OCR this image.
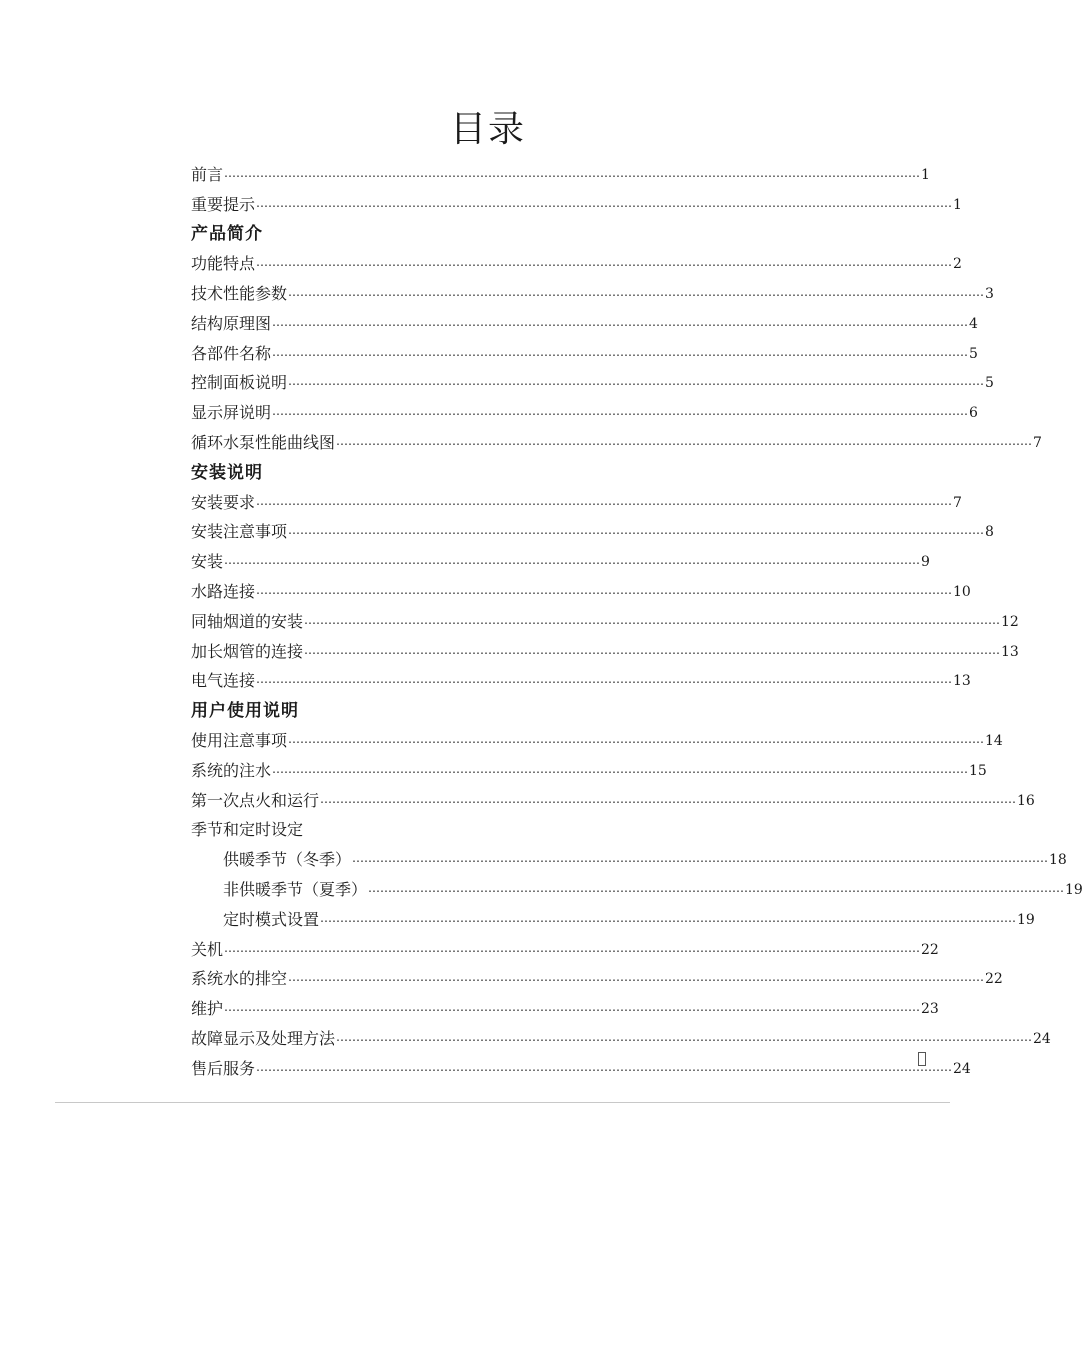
目录
前言 ………………………………………………………………………………………………………………………………………………………… 1
重要提示 ………………………………………………………………………………………………………………………………………………………… 1
产品简介
功能特点 ………………………………………………………………………………………………………………………………………………………… 2
技术性能参数 ………………………………………………………………………………………………………………………………………………………… 3
结构原理图 ………………………………………………………………………………………………………………………………………………………… 4
各部件名称 ………………………………………………………………………………………………………………………………………………………… 5
控制面板说明 ………………………………………………………………………………………………………………………………………………………… 5
显示屏说明 ………………………………………………………………………………………………………………………………………………………… 6
循环水泵性能曲线图 ………………………………………………………………………………………………………………………………………………………… 7
安装说明
安装要求 ………………………………………………………………………………………………………………………………………………………… 7
安装注意事项 ………………………………………………………………………………………………………………………………………………………… 8
安装 ………………………………………………………………………………………………………………………………………………………… 9
水路连接 ………………………………………………………………………………………………………………………………………………………… 10
同轴烟道的安装 ………………………………………………………………………………………………………………………………………………………… 12
加长烟管的连接 ………………………………………………………………………………………………………………………………………………………… 13
电气连接 ………………………………………………………………………………………………………………………………………………………… 13
用户使用说明
使用注意事项 ………………………………………………………………………………………………………………………………………………………… 14
系统的注水 ………………………………………………………………………………………………………………………………………………………… 15
第一次点火和运行 ………………………………………………………………………………………………………………………………………………………… 16
季节和定时设定
供暖季节（冬季） ………………………………………………………………………………………………………………………………………………………… 18
非供暖季节（夏季） ………………………………………………………………………………………………………………………………………………………… 19
定时模式设置 ………………………………………………………………………………………………………………………………………………………… 19
关机 ………………………………………………………………………………………………………………………………………………………… 22
系统水的排空 ………………………………………………………………………………………………………………………………………………………… 22
维护 ………………………………………………………………………………………………………………………………………………………… 23
故障显示及处理方法 ………………………………………………………………………………………………………………………………………………………… 24
售后服务 ………………………………………………………………………………………………………………………………………………………… 24
